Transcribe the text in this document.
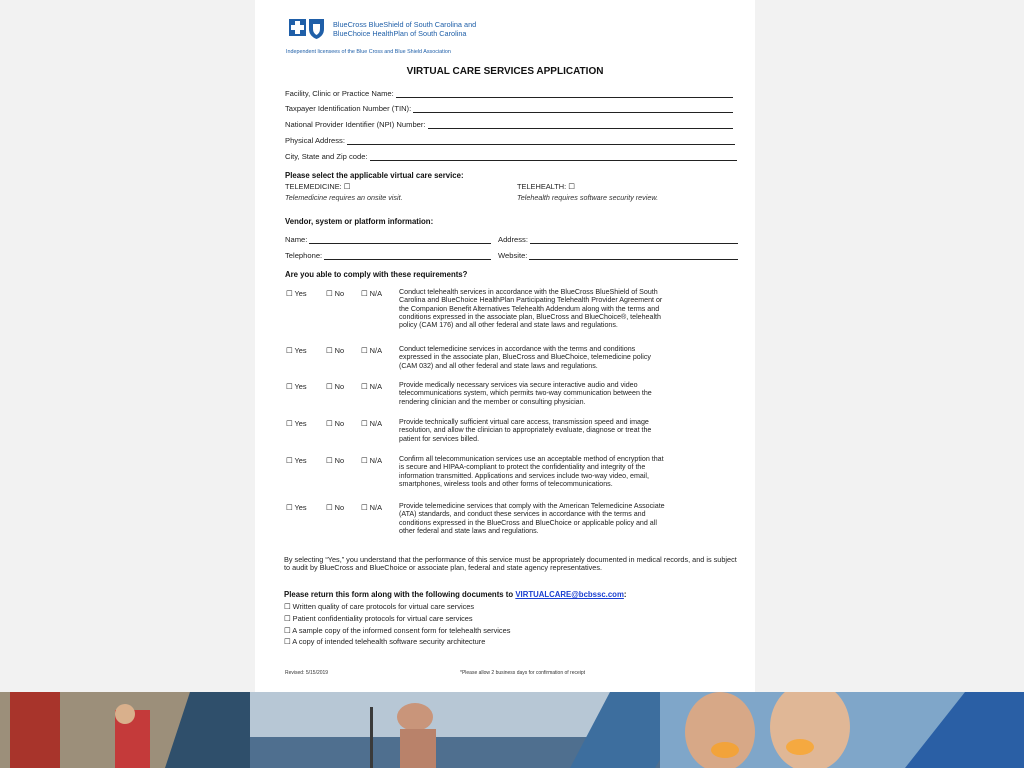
BlueCross BlueShield of South Carolina and
BlueChoice HealthPlan of South Carolina
Independent licensees of the Blue Cross and Blue Shield Association
VIRTUAL CARE SERVICES APPLICATION
Facility, Clinic or Practice Name:
Taxpayer Identification Number (TIN):
National Provider Identifier (NPI) Number:
Physical Address:
City, State and Zip code:
Please select the applicable virtual care service:
TELEMEDICINE: ☐
Telemedicine requires an onsite visit.
TELEHEALTH: ☐
Telehealth requires software security review.
Vendor, system or platform information:
Name:	Address:
Telephone:	Website:
Are you able to comply with these requirements?
☐ Yes	☐ No ☐ N/A Conduct telehealth services in accordance with the BlueCross BlueShield of South
Carolina and BlueChoice HealthPlan Participating Telehealth Provider Agreement or
the Companion Benefit Alternatives Telehealth Addendum along with the terms and
conditions expressed in the associate plan, BlueCross and BlueChoice®, telehealth
policy (CAM 176) and all other federal and state laws and regulations.
☐ Yes	☐ No ☐ N/A Conduct telemedicine services in accordance with the terms and conditions
expressed in the associate plan, BlueCross and BlueChoice, telemedicine policy
(CAM 032) and all other federal and state laws and regulations.
☐ Yes	☐ No ☐ N/A Provide medically necessary services via secure interactive audio and video
telecommunications system, which permits two-way communication between the
rendering clinician and the member or consulting physician.
☐ Yes	☐ No ☐ N/A Provide technically sufficient virtual care access, transmission speed and image
resolution, and allow the clinician to appropriately evaluate, diagnose or treat the
patient for services billed.
☐ Yes	☐ No ☐ N/A Confirm all telecommunication services use an acceptable method of encryption that
is secure and HIPAA-compliant to protect the confidentiality and integrity of the
information transmitted. Applications and services include two-way video, email,
smartphones, wireless tools and other forms of telecommunications.
☐ Yes	☐ No ☐ N/A Provide telemedicine services that comply with the American Telemedicine Associate
(ATA) standards, and conduct these services in accordance with the terms and
conditions expressed in the BlueCross and BlueChoice or applicable policy and all
other federal and state laws and regulations.
By selecting “Yes,” you understand that the performance of this service must be appropriately documented in medical records, and is subject to audit by BlueCross and BlueChoice or associate plan, federal and state agency representatives.
Please return this form along with the following documents to VIRTUALCARE@bcbssc.com:
☐ Written quality of care protocols for virtual care services
☐ Patient confidentiality protocols for virtual care services
☐ A sample copy of the informed consent form for telehealth services
☐ A copy of intended telehealth software security architecture
Revised: 5/15/2019	*Please allow 2 business days for confirmation of receipt
